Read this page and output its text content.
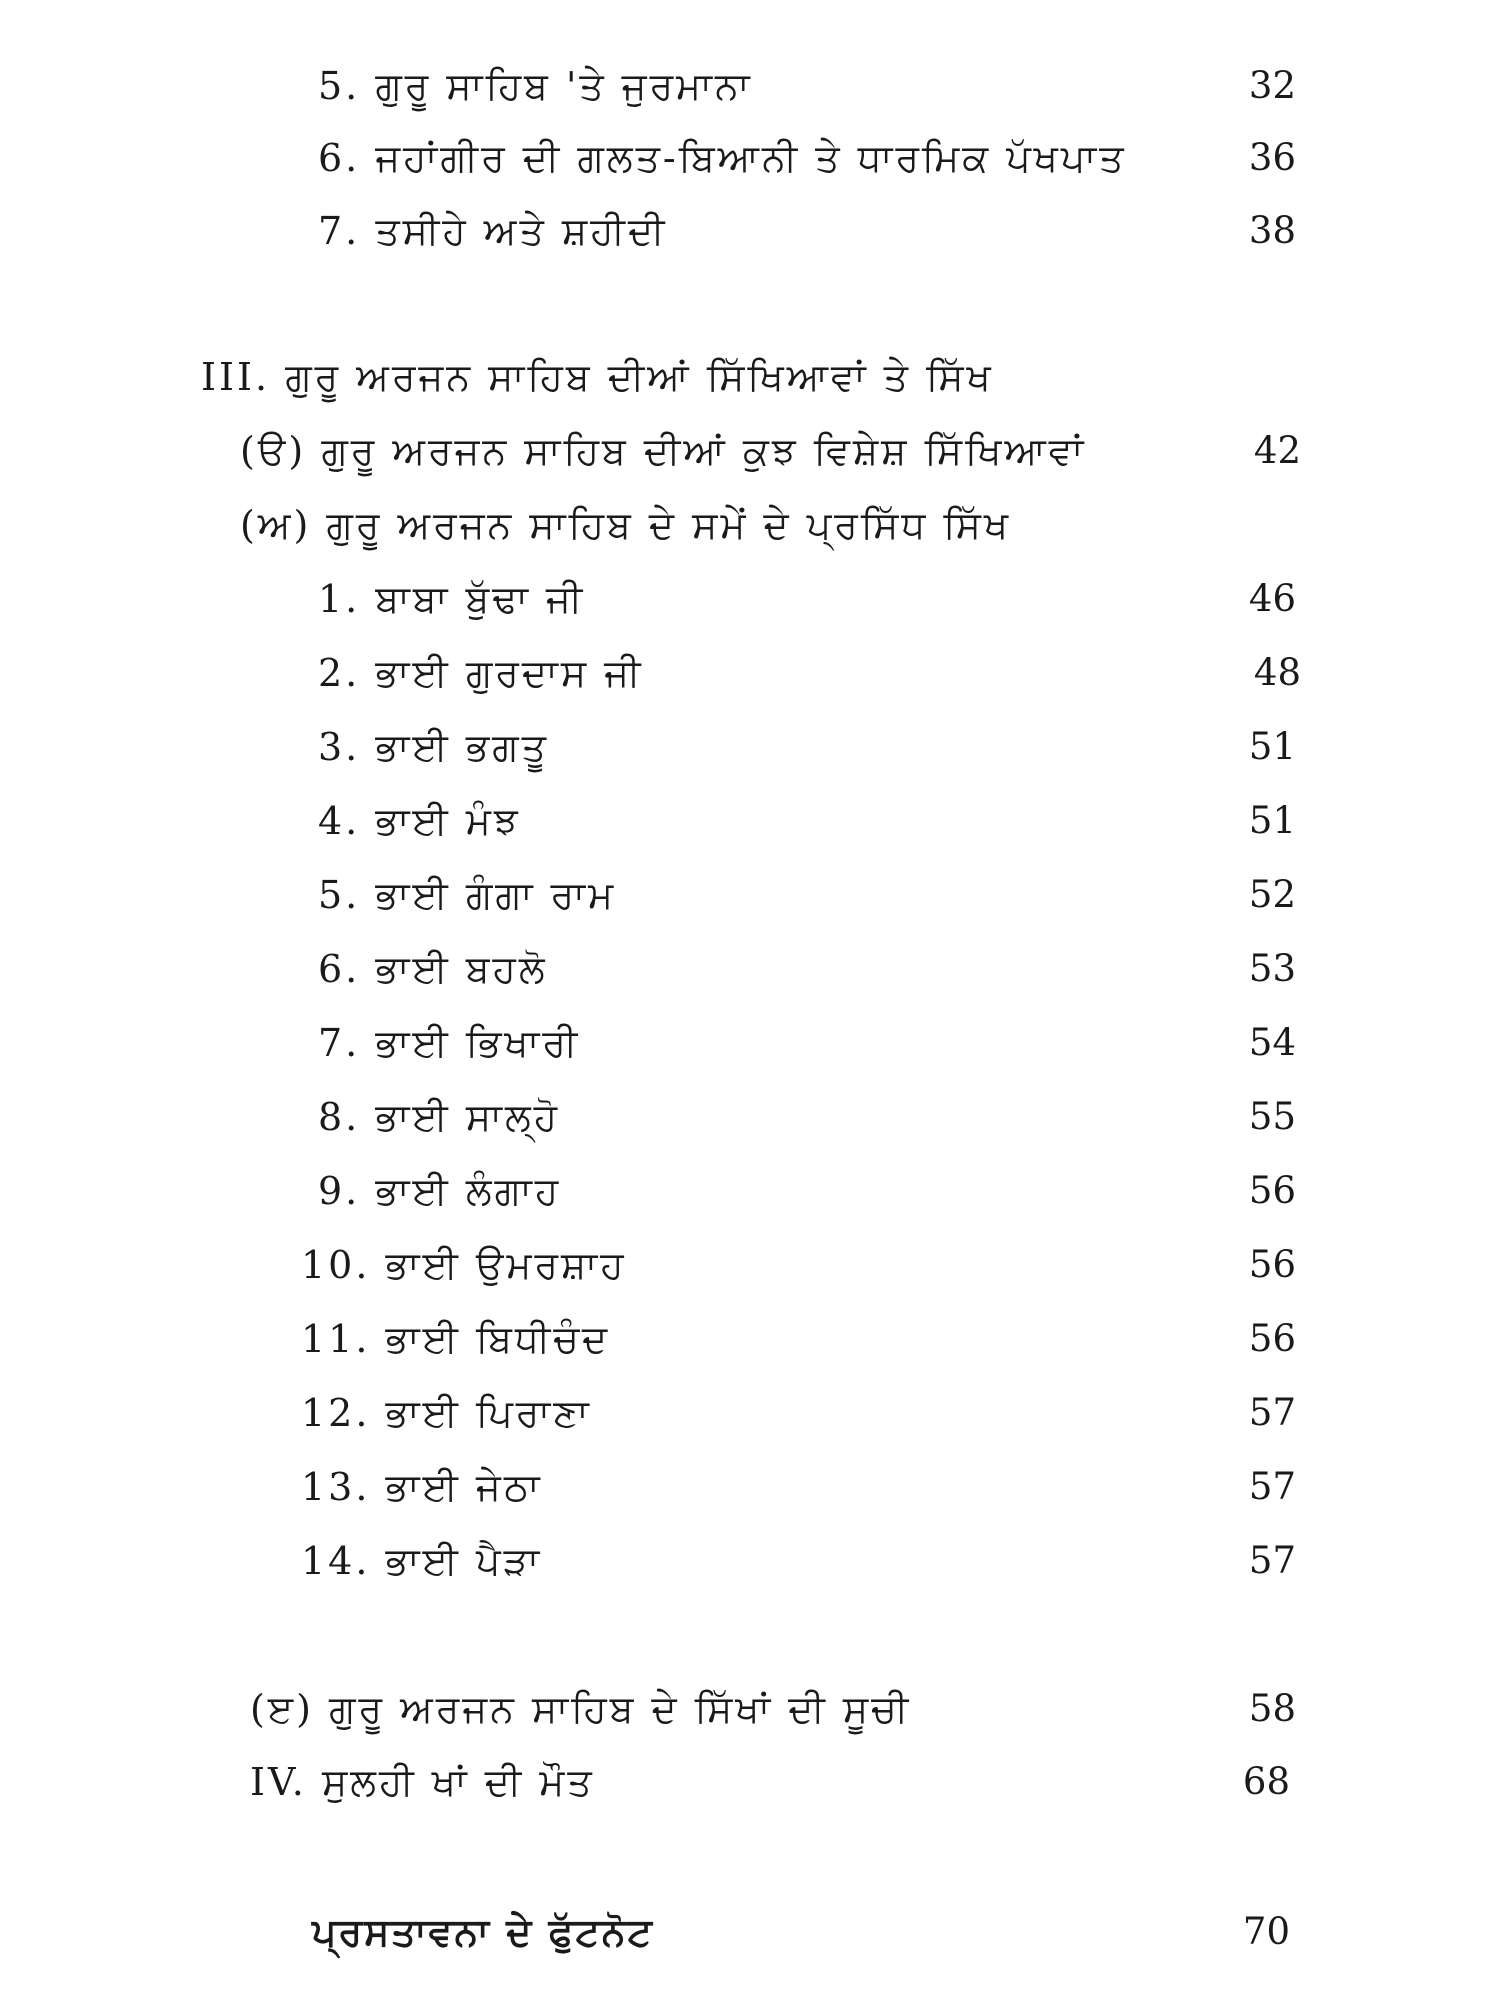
5. ਗੁਰੂ ਸਾਹਿਬ 'ਤੇ ਜੁਰਮਾਨਾ	32
6. ਜਹਾਂਗੀਰ ਦੀ ਗਲਤ-ਬਿਆਨੀ ਤੇ ਧਾਰਮਿਕ ਪੱਖਪਾਤ	36
7. ਤਸੀਹੇ ਅਤੇ ਸ਼ਹੀਦੀ	38
III. ਗੁਰੂ ਅਰਜਨ ਸਾਹਿਬ ਦੀਆਂ ਸਿੱਖਿਆਵਾਂ ਤੇ ਸਿੱਖ
(ੳ) ਗੁਰੂ ਅਰਜਨ ਸਾਹਿਬ ਦੀਆਂ ਕੁਝ ਵਿਸ਼ੇਸ਼ ਸਿੱਖਿਆਵਾਂ	42
(ਅ) ਗੁਰੂ ਅਰਜਨ ਸਾਹਿਬ ਦੇ ਸਮੇਂ ਦੇ ਪ੍ਰਸਿੱਧ ਸਿੱਖ
1. ਬਾਬਾ ਬੁੱਢਾ ਜੀ	46
2. ਭਾਈ ਗੁਰਦਾਸ ਜੀ	48
3. ਭਾਈ ਭਗਤੂ	51
4. ਭਾਈ ਮੰਝ	51
5. ਭਾਈ ਗੰਗਾ ਰਾਮ	52
6. ਭਾਈ ਬਹਲੋ	53
7. ਭਾਈ ਭਿਖਾਰੀ	54
8. ਭਾਈ ਸਾਲ੍ਹੋ	55
9. ਭਾਈ ਲੰਗਾਹ	56
10. ਭਾਈ ਉਮਰਸ਼ਾਹ	56
11. ਭਾਈ ਬਿਧੀਚੰਦ	56
12. ਭਾਈ ਪਿਰਾਣਾ	57
13. ਭਾਈ ਜੇਠਾ	57
14. ਭਾਈ ਪੈੜਾ	57
(ੲ) ਗੁਰੂ ਅਰਜਨ ਸਾਹਿਬ ਦੇ ਸਿੱਖਾਂ ਦੀ ਸੂਚੀ	58
IV. ਸੁਲਹੀ ਖਾਂ ਦੀ ਮੌਤ	68
ਪ੍ਰਸਤਾਵਨਾ ਦੇ ਫੁੱਟਨੋਟ	70
